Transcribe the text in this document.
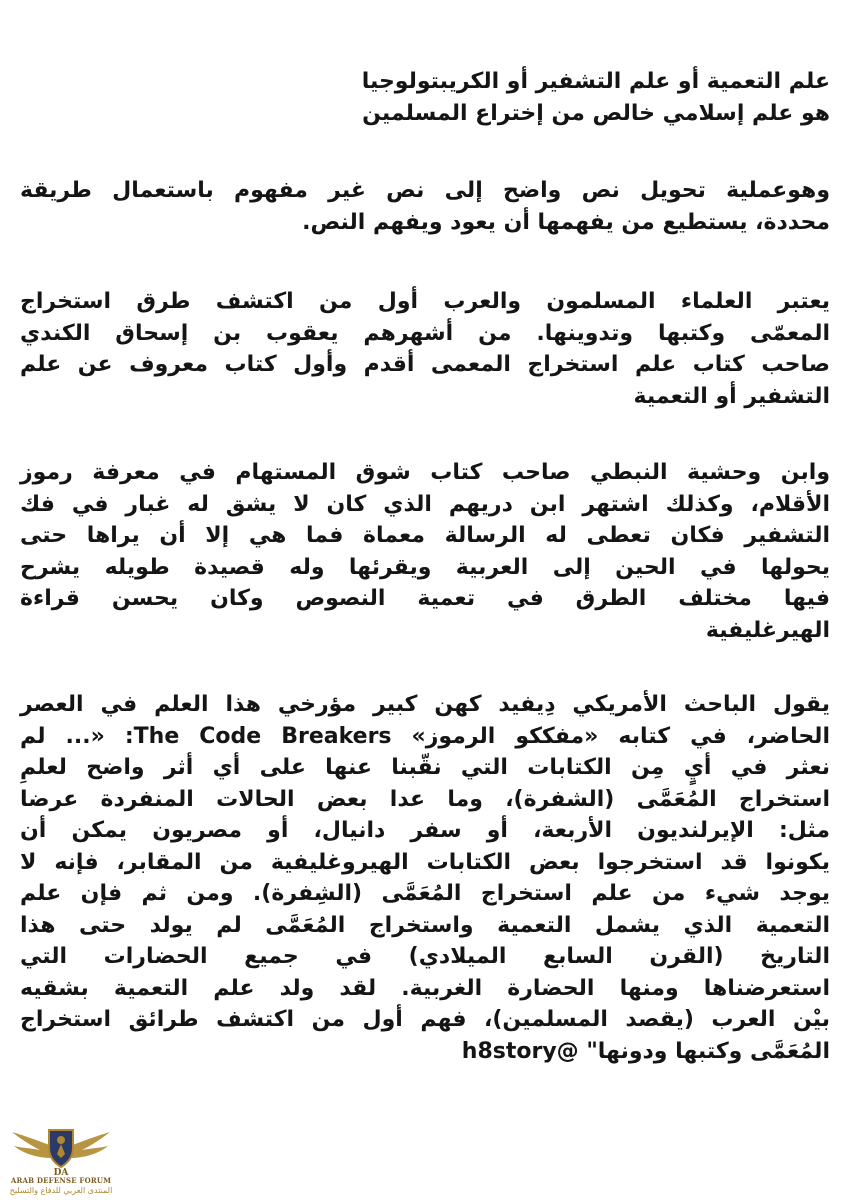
علم التعمية أو علم التشفير أو الكريبتولوجيا
هو علم إسلامي خالص من إختراع المسلمين
وهوعملية تحويل نص واضح إلى نص غير مفهوم باستعمال طريقة
محددة، يستطيع من يفهمها أن يعود ويفهم النص.
يعتبر العلماء المسلمون والعرب أول من اكتشف طرق استخراج
المعمّى وكتبها وتدوينها. من أشهرهم يعقوب بن إسحاق الكندي
صاحب كتاب علم استخراج المعمى أقدم وأول كتاب معروف عن علم
التشفير أو التعمية
وابن وحشية النبطي صاحب كتاب شوق المستهام في معرفة رموز
الأقلام، وكذلك اشتهر ابن دريهم الذي كان لا يشق له غبار في فك
التشفير فكان تعطى له الرسالة معماة فما هي إلا أن يراها حتى
يحولها في الحين إلى العربية ويقرئها وله قصيدة طويله يشرح
فيها مختلف الطرق في تعمية النصوص وكان يحسن قراءة
الهيرغليفية
يقول الباحث الأمريكي دِيفيد كهن كبير مؤرخي هذا العلم في العصر
الحاضر، في كتابه «مفككو الرموز» The Code Breakers: «... لم
نعثر في أيٍ مِن الكتابات التي نقّبنا عنها على أي أثر واضح لعلمِ
استخراج المُعَمَّى (الشفرة)، وما عدا بعض الحالات المنفردة عرضا
مثل: الإيرلنديون الأربعة، أو سفر دانيال، أو مصريون يمكن أن
يكونوا قد استخرجوا بعض الكتابات الهيروغليفية من المقابر، فإنه لا
يوجد شيء من علم استخراج المُعَمَّى (الشِفرة). ومن ثم فإن علم
التعمية الذي يشمل التعمية واستخراج المُعَمَّى لم يولد حتى هذا
التاريخ (القرن السابع الميلادي) في جميع الحضارات التي
استعرضناها ومنها الحضارة الغربية. لقد ولد علم التعمية بشقيه
بيْن العرب (يقصد المسلمين)، فهم أول من اكتشف طرائق استخراج
المُعَمَّى وكتبها ودونها" @h8story
DA
ARAB DEFENSE FORUM
المنتدى العربي للدفاع والتسليح
